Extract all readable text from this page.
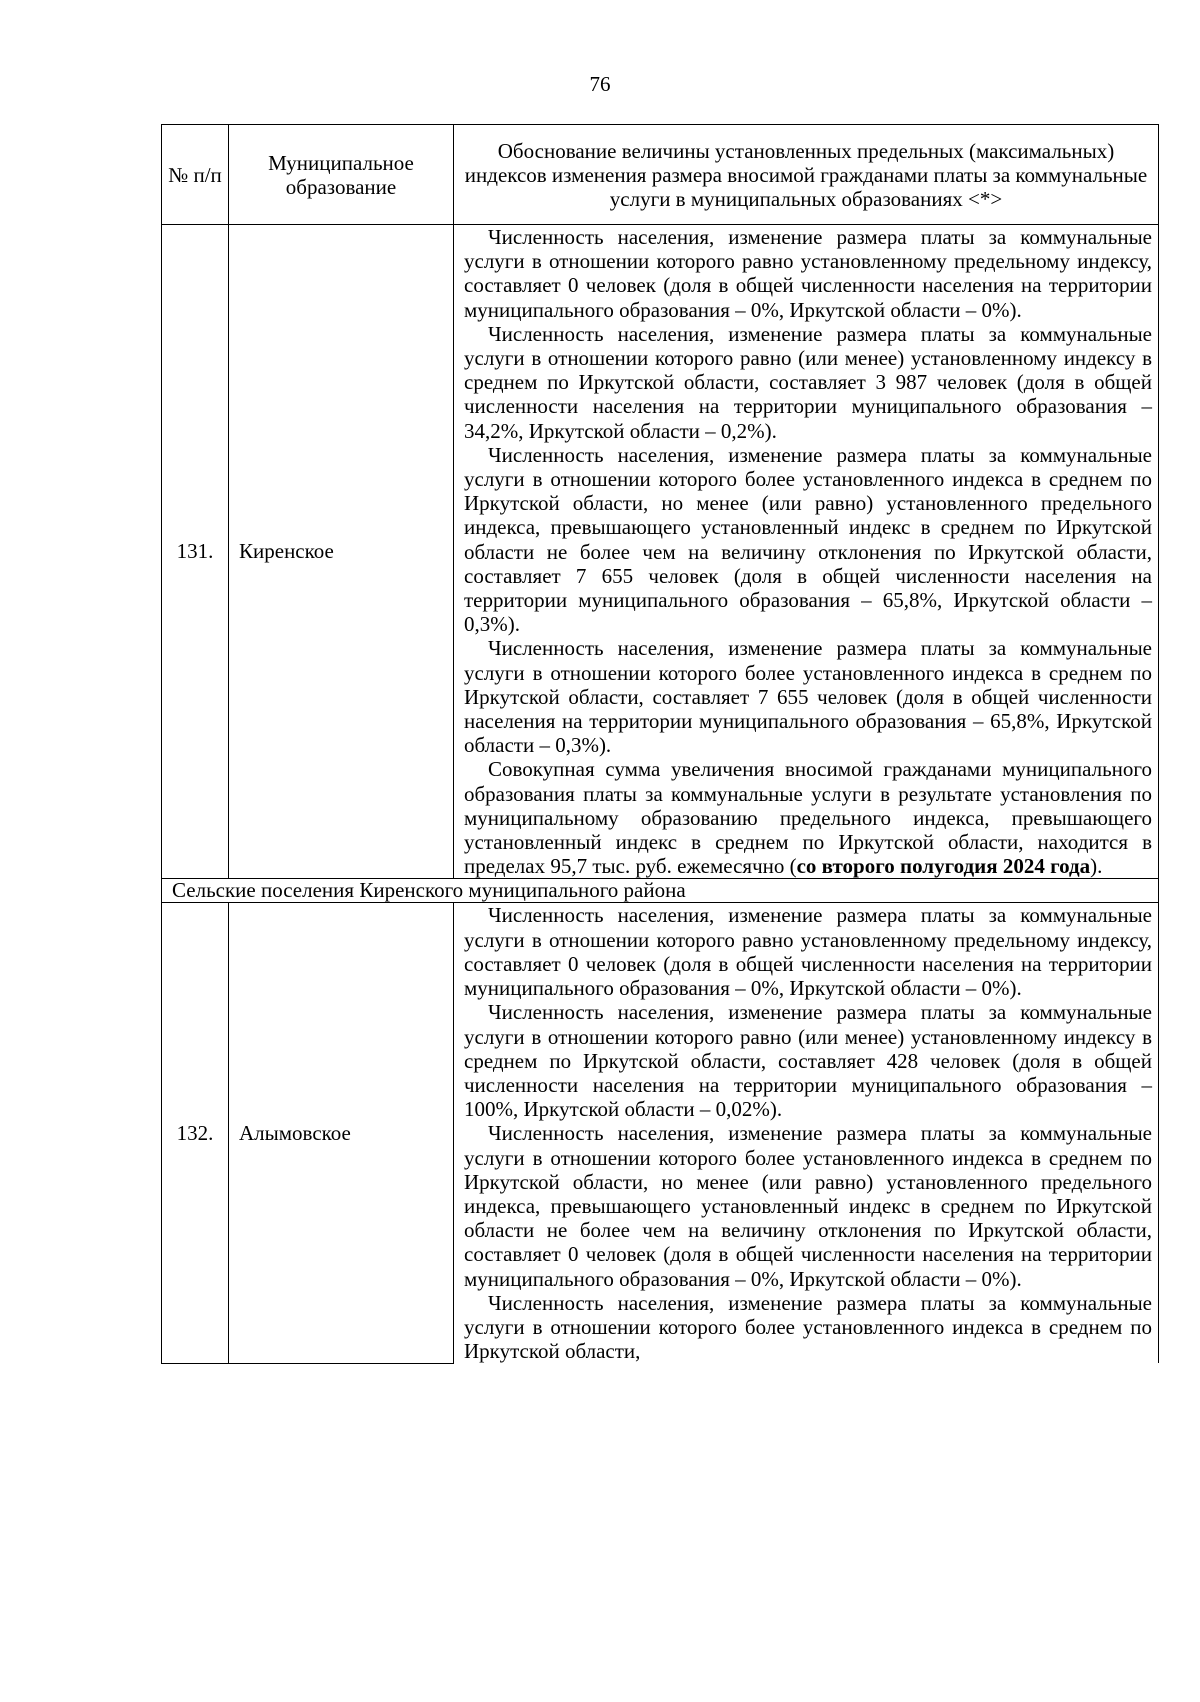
76
№ п/п	Муниципальное образование	Обоснование величины установленных предельных (максимальных) индексов изменения размера вносимой гражданами платы за коммунальные услуги в муниципальных образованиях <*>
131.	Киренское	Численность населения, изменение размера платы за коммунальные услуги в отношении которого равно установленному предельному индексу, составляет 0 человек (доля в общей численности населения на территории муниципального образования – 0%, Иркутской области – 0%).

Численность населения, изменение размера платы за коммунальные услуги в отношении которого равно (или менее) установленному индексу в среднем по Иркутской области, составляет 3 987 человек (доля в общей численности населения на территории муниципального образования – 34,2%, Иркутской области – 0,2%).

Численность населения, изменение размера платы за коммунальные услуги в отношении которого более установленного индекса в среднем по Иркутской области, но менее (или равно) установленного предельного индекса, превышающего установленный индекс в среднем по Иркутской области не более чем на величину отклонения по Иркутской области, составляет 7 655 человек (доля в общей численности населения на территории муниципального образования – 65,8%, Иркутской области – 0,3%).

Численность населения, изменение размера платы за коммунальные услуги в отношении которого более установленного индекса в среднем по Иркутской области, составляет 7 655 человек (доля в общей численности населения на территории муниципального образования – 65,8%, Иркутской области – 0,3%).

Совокупная сумма увеличения вносимой гражданами муниципального образования платы за коммунальные услуги в результате установления по муниципальному образованию предельного индекса, превышающего установленный индекс в среднем по Иркутской области, находится в пределах 95,7 тыс. руб. ежемесячно (со второго полугодия 2024 года).

Сельские поселения Киренского муниципального района		
132.	Алымовское	Численность населения, изменение размера платы за коммунальные услуги в отношении которого равно установленному предельному индексу, составляет 0 человек (доля в общей численности населения на территории муниципального образования – 0%, Иркутской области – 0%).

Численность населения, изменение размера платы за коммунальные услуги в отношении которого равно (или менее) установленному индексу в среднем по Иркутской области, составляет 428 человек (доля в общей численности населения на территории муниципального образования – 100%, Иркутской области – 0,02%).

Численность населения, изменение размера платы за коммунальные услуги в отношении которого более установленного индекса в среднем по Иркутской области, но менее (или равно) установленного предельного индекса, превышающего установленный индекс в среднем по Иркутской области не более чем на величину отклонения по Иркутской области, составляет 0 человек (доля в общей численности населения на территории муниципального образования – 0%, Иркутской области – 0%).

Численность населения, изменение размера платы за коммунальные услуги в отношении которого более установленного индекса в среднем по Иркутской области,
